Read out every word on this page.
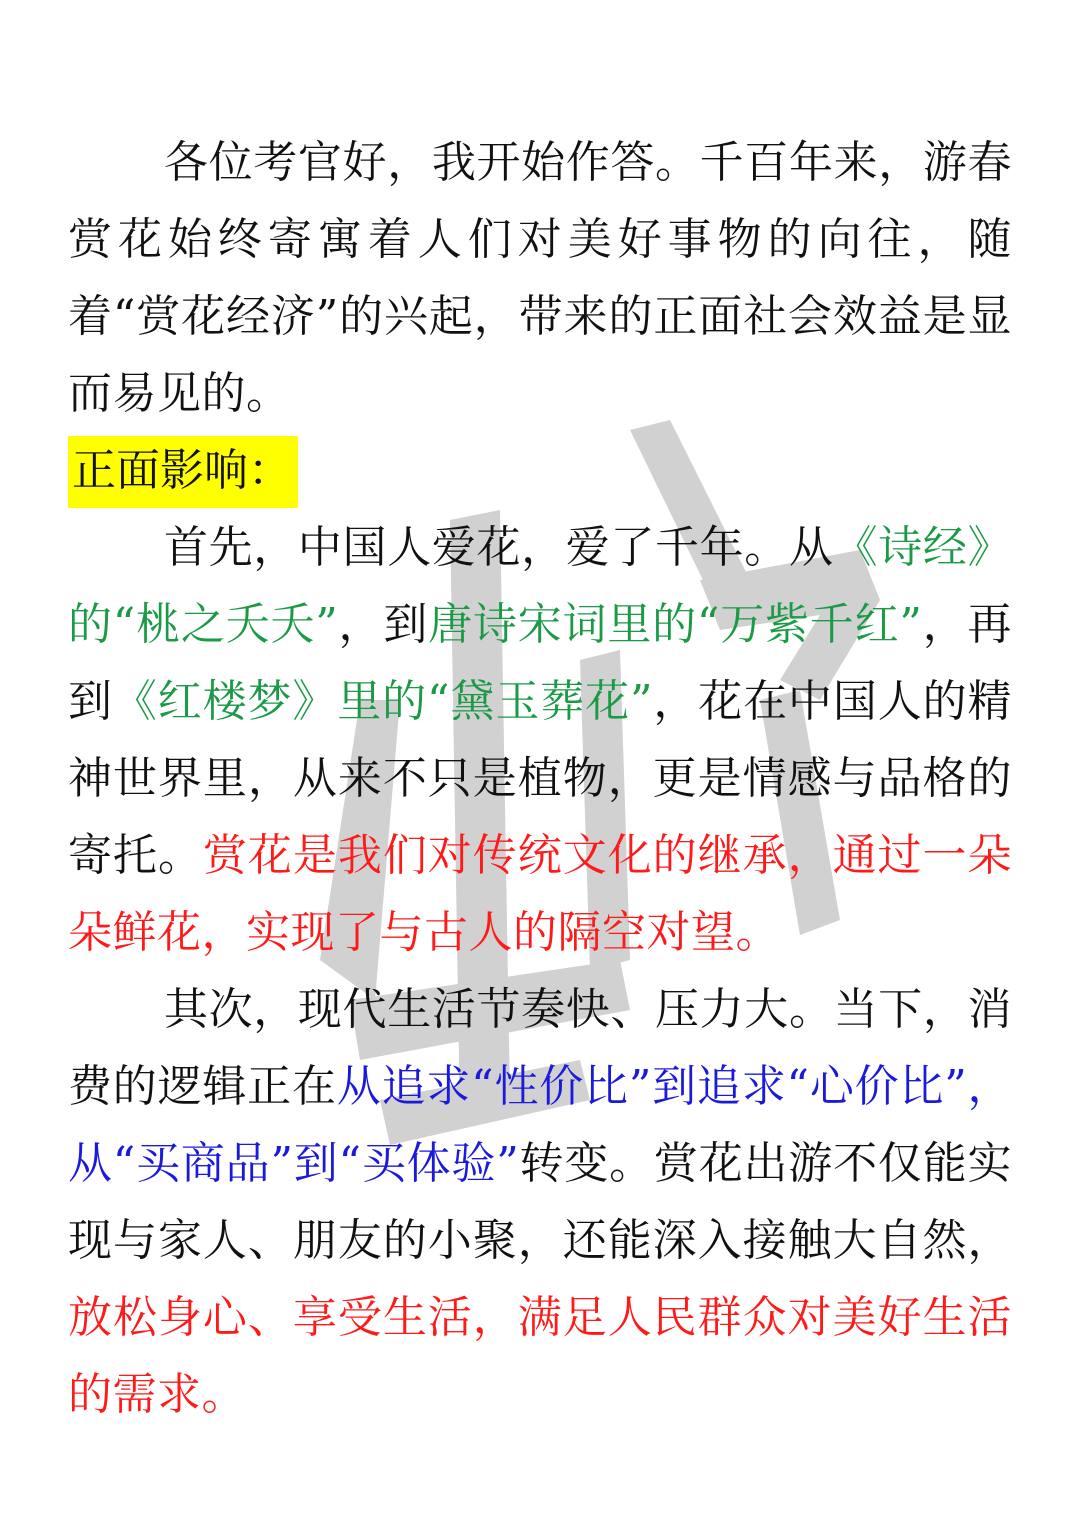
各位考官好，我开始作答。千百年来，游春赏花始终寄寓着人们对美好事物的向往，随着“赏花经济”的兴起，带来的正面社会效益是显而易见的。

正面影响：

首先，中国人爱花，爱了千年。从《诗经》的“桃之夭夭”，到唐诗宋词里的“万紫千红”，再到《红楼梦》里的“黛玉葬花”，花在中国人的精神世界里，从来不只是植物，更是情感与品格的寄托。赏花是我们对传统文化的继承，通过一朵朵鲜花，实现了与古人的隔空对望。

其次，现代生活节奏快、压力大。当下，消费的逻辑正在从追求“性价比”到追求“心价比”，从“买商品”到“买体验”转变。赏花出游不仅能实现与家人、朋友的小聚，还能深入接触大自然，放松身心、享受生活，满足人民群众对美好生活的需求。
